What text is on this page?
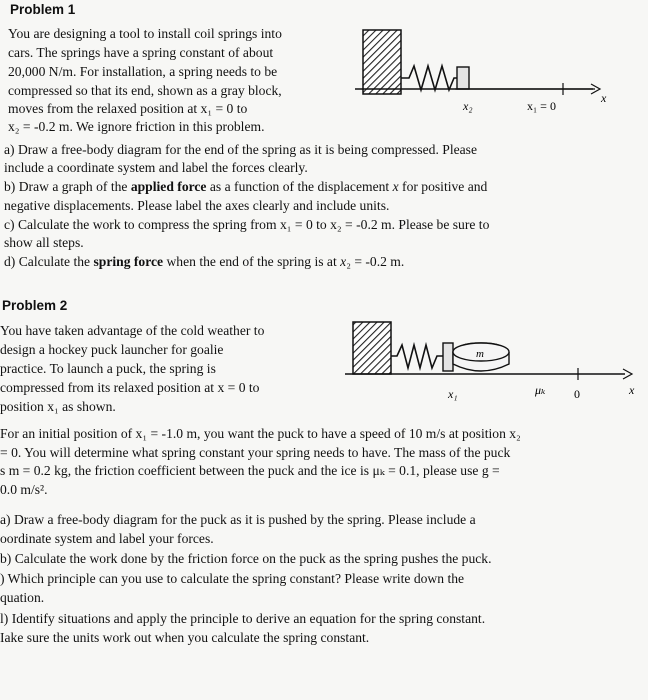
Problem 1
You are designing a tool to install coil springs into
cars. The springs have a spring constant of about
20,000 N/m. For installation, a spring needs to be
compressed so that its end, shown as a gray block,
moves from the relaxed position at x₁ = 0 to
x₂ = -0.2 m. We ignore friction in this problem.
x₂	x₁ = 0
x
a) Draw a free-body diagram for the end of the spring as it is being compressed. Please
include a coordinate system and label the forces clearly.
b) Draw a graph of the applied force as a function of the displacement x for positive and
negative displacements. Please label the axes clearly and include units.
c) Calculate the work to compress the spring from x₁ = 0 to x₂ = -0.2 m. Please be sure to
show all steps.
d) Calculate the spring force when the end of the spring is at x₂ = -0.2 m.
Problem 2
You have taken advantage of the cold weather to
design a hockey puck launcher for goalie
practice. To launch a puck, the spring is
compressed from its relaxed position at x = 0 to
position x₁ as shown.
m
x₁	μₖ 0	x
For an initial position of x₁ = -1.0 m, you want the puck to have a speed of 10 m/s at position x₂
= 0. You will determine what spring constant your spring needs to have. The mass of the puck
s m = 0.2 kg, the friction coefficient between the puck and the ice is μₖ = 0.1, please use g =
0.0 m/s².
a) Draw a free-body diagram for the puck as it is pushed by the spring. Please include a
oordinate system and label your forces.
b) Calculate the work done by the friction force on the puck as the spring pushes the puck.
) Which principle can you use to calculate the spring constant? Please write down the
quation.
l) Identify situations and apply the principle to derive an equation for the spring constant.
Iake sure the units work out when you calculate the spring constant.
